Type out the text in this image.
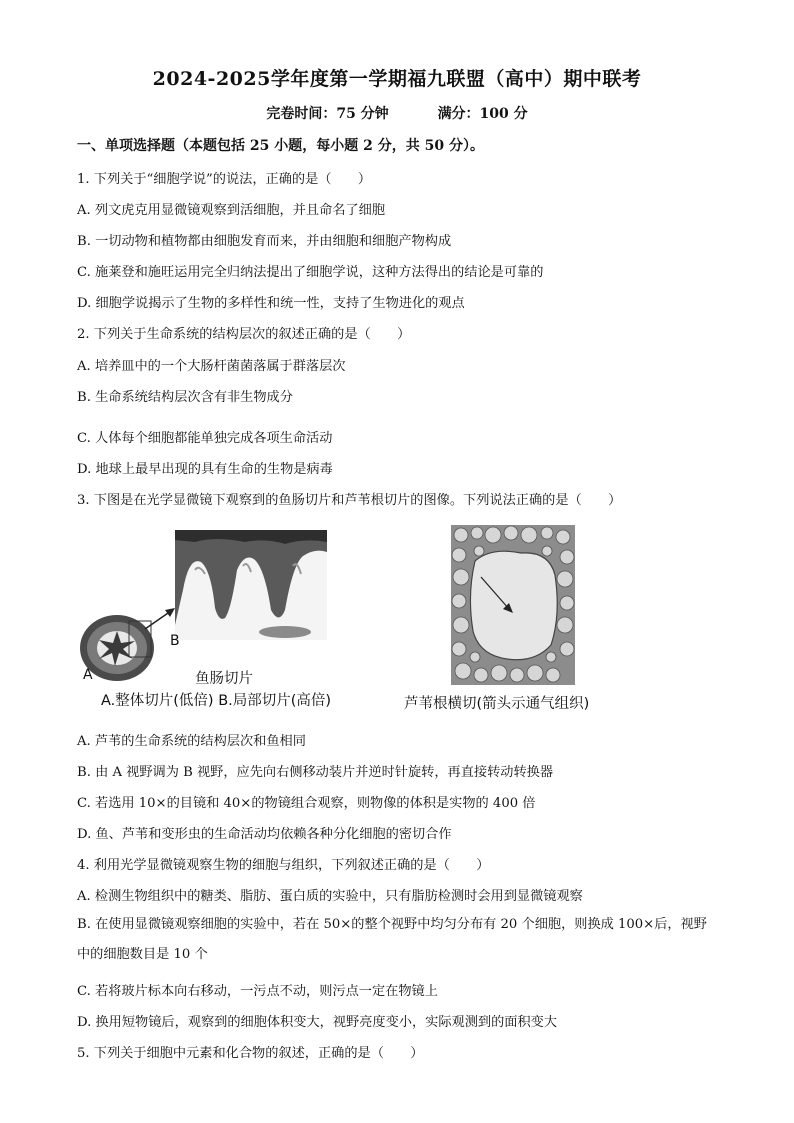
2024-2025学年度第一学期福九联盟（高中）期中联考
完卷时间：75 分钟	满分：100 分
一、单项选择题（本题包括 25 小题，每小题 2 分，共 50 分）。
1. 下列关于“细胞学说”的说法，正确的是（　　）
A. 列文虎克用显微镜观察到活细胞，并且命名了细胞
B. 一切动物和植物都由细胞发育而来，并由细胞和细胞产物构成
C. 施莱登和施旺运用完全归纳法提出了细胞学说，这种方法得出的结论是可靠的
D. 细胞学说揭示了生物的多样性和统一性，支持了生物进化的观点
2. 下列关于生命系统的结构层次的叙述正确的是（　　）
A. 培养皿中的一个大肠杆菌菌落属于群落层次
B. 生命系统结构层次含有非生物成分
C. 人体每个细胞都能单独完成各项生命活动
D. 地球上最早出现的具有生命的生物是病毒
3. 下图是在光学显微镜下观察到的鱼肠切片和芦苇根切片的图像。下列说法正确的是（　　）
B
A	鱼肠切片
A.整体切片(低倍) B.局部切片(高倍)	芦苇根横切(箭头示通气组织)
A. 芦苇的生命系统的结构层次和鱼相同
B. 由 A 视野调为 B 视野，应先向右侧移动装片并逆时针旋转，再直接转动转换器
C. 若选用 10×的目镜和 40×的物镜组合观察，则物像的体积是实物的 400 倍
D. 鱼、芦苇和变形虫的生命活动均依赖各种分化细胞的密切合作
4. 利用光学显微镜观察生物的细胞与组织，下列叙述正确的是（　　）
A. 检测生物组织中的糖类、脂肪、蛋白质的实验中，只有脂肪检测时会用到显微镜观察
B. 在使用显微镜观察细胞的实验中，若在 50×的整个视野中均匀分布有 20 个细胞，则换成 100×后，视野中的细胞数目是 10 个
C. 若将玻片标本向右移动，一污点不动，则污点一定在物镜上
D. 换用短物镜后，观察到的细胞体积变大，视野亮度变小，实际观测到的面积变大
5. 下列关于细胞中元素和化合物的叙述，正确的是（　　）
